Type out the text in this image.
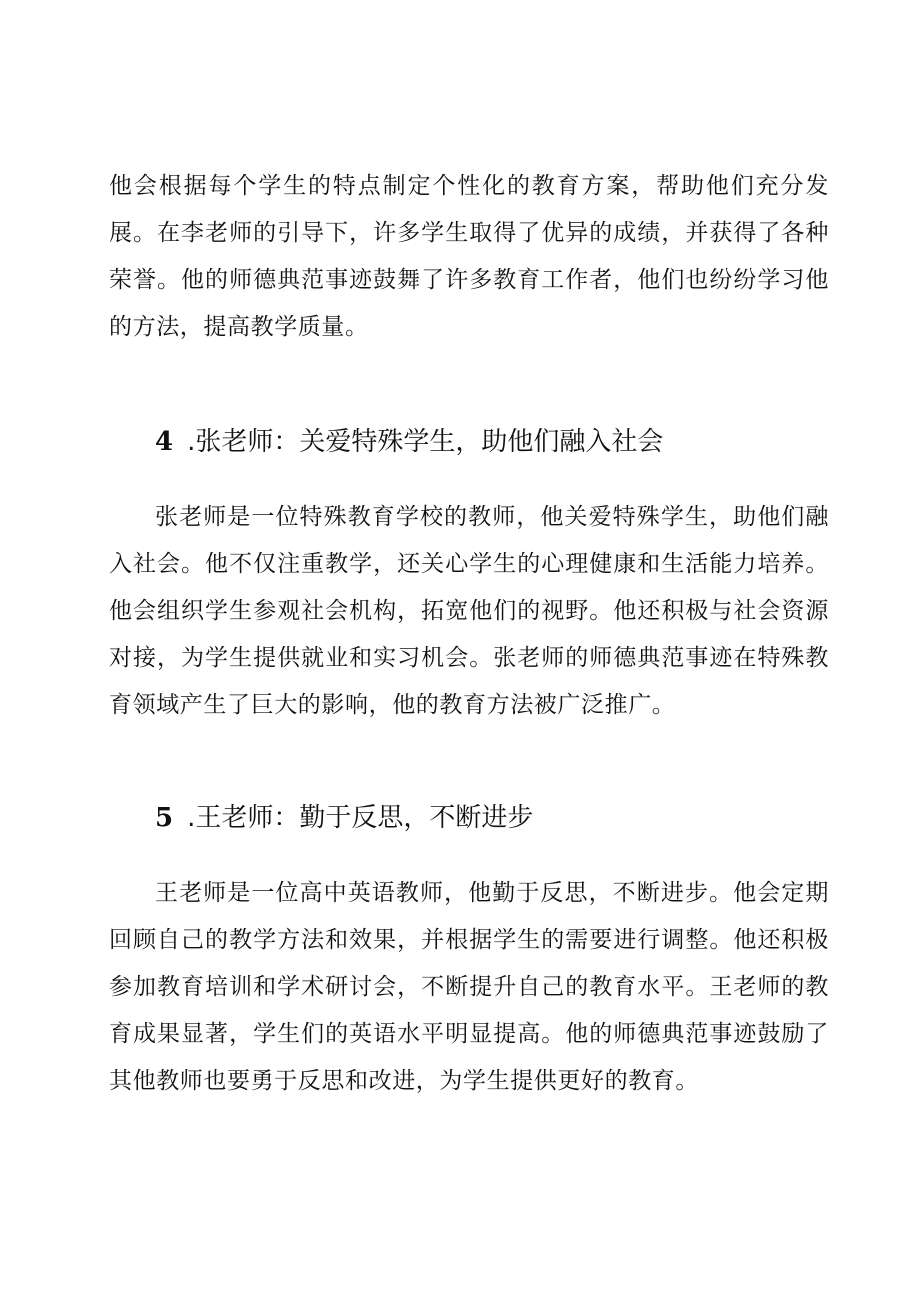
他会根据每个学生的特点制定个性化的教育方案，帮助他们充分发展。在李老师的引导下，许多学生取得了优异的成绩，并获得了各种荣誉。他的师德典范事迹鼓舞了许多教育工作者，他们也纷纷学习他的方法，提高教学质量。

4 .张老师：关爱特殊学生，助他们融入社会

张老师是一位特殊教育学校的教师，他关爱特殊学生，助他们融入社会。他不仅注重教学，还关心学生的心理健康和生活能力培养。他会组织学生参观社会机构，拓宽他们的视野。他还积极与社会资源对接，为学生提供就业和实习机会。张老师的师德典范事迹在特殊教育领域产生了巨大的影响，他的教育方法被广泛推广。

5 .王老师：勤于反思，不断进步

王老师是一位高中英语教师，他勤于反思，不断进步。他会定期回顾自己的教学方法和效果，并根据学生的需要进行调整。他还积极参加教育培训和学术研讨会，不断提升自己的教育水平。王老师的教育成果显著，学生们的英语水平明显提高。他的师德典范事迹鼓励了其他教师也要勇于反思和改进，为学生提供更好的教育。
